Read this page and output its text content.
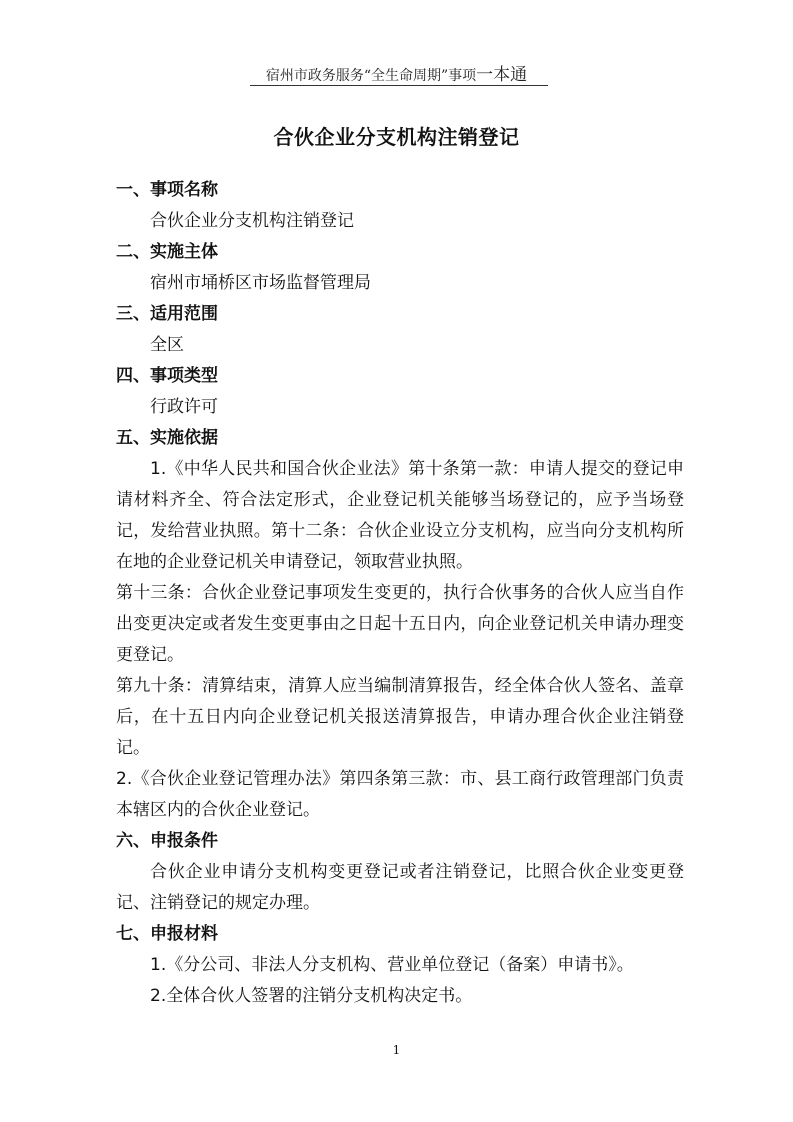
宿州市政务服务“全生命周期”事项一本通
合伙企业分支机构注销登记

一、事项名称

合伙企业分支机构注销登记

二、实施主体

宿州市埇桥区市场监督管理局

三、适用范围

全区

四、事项类型

行政许可

五、实施依据

1.《中华人民共和国合伙企业法》第十条第一款：申请人提交的登记申请材料齐全、符合法定形式，企业登记机关能够当场登记的，应予当场登记，发给营业执照。第十二条：合伙企业设立分支机构，应当向分支机构所在地的企业登记机关申请登记，领取营业执照。

第十三条：合伙企业登记事项发生变更的，执行合伙事务的合伙人应当自作出变更决定或者发生变更事由之日起十五日内，向企业登记机关申请办理变更登记。

第九十条：清算结束，清算人应当编制清算报告，经全体合伙人签名、盖章后，在十五日内向企业登记机关报送清算报告，申请办理合伙企业注销登记。

2.《合伙企业登记管理办法》第四条第三款：市、县工商行政管理部门负责本辖区内的合伙企业登记。

六、申报条件

合伙企业申请分支机构变更登记或者注销登记，比照合伙企业变更登记、注销登记的规定办理。

七、申报材料

1.《分公司、非法人分支机构、营业单位登记（备案）申请书》。

2.全体合伙人签署的注销分支机构决定书。

1
